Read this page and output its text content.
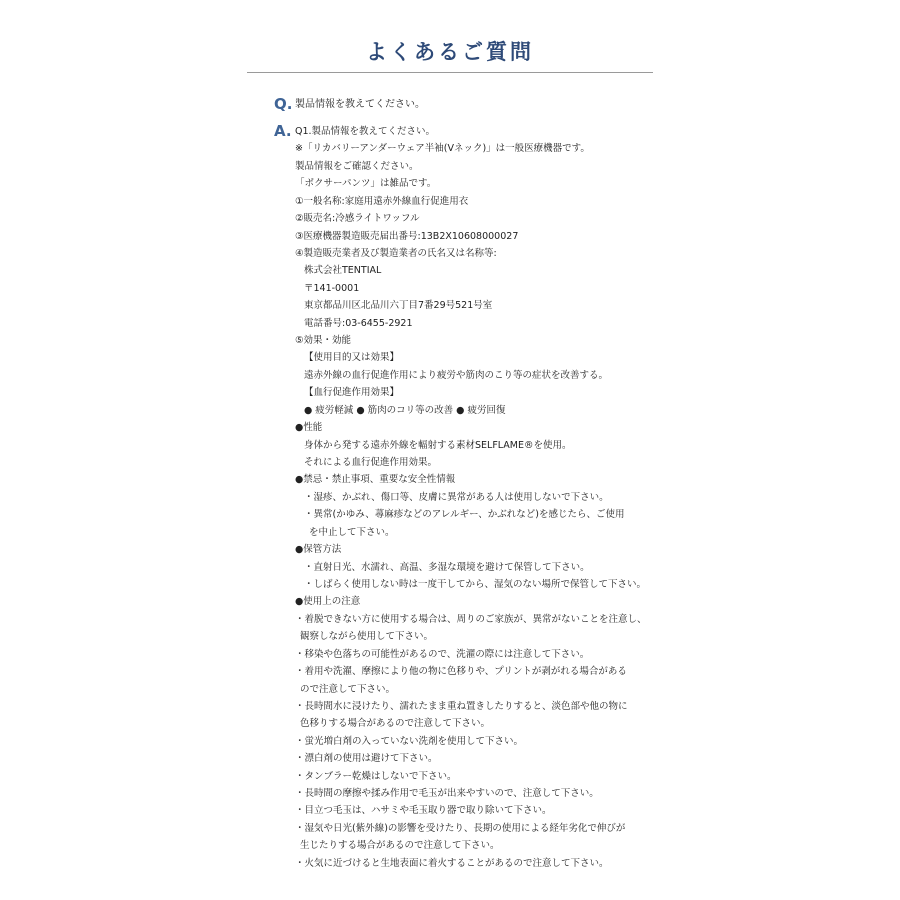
よくあるご質問
Q. 製品情報を教えてください。
A. Q1.製品情報を教えてください。
※「リカバリーアンダーウェア半袖(Vネック)」は一般医療機器です。
製品情報をご確認ください。
「ボクサーパンツ」は雑品です。
①一般名称:家庭用遠赤外線血行促進用衣
②販売名:冷感ライトワッフル
③医療機器製造販売届出番号:13B2X10608000027
④製造販売業者及び製造業者の氏名又は名称等:
株式会社TENTIAL
〒141-0001
東京都品川区北品川六丁目7番29号521号室
電話番号:03-6455-2921
⑤効果・効能
【使用目的又は効果】
遠赤外線の血行促進作用により疲労や筋肉のこり等の症状を改善する。
【血行促進作用効果】
● 疲労軽減 ● 筋肉のコリ等の改善 ● 疲労回復
●性能
身体から発する遠赤外線を輻射する素材SELFLAME®を使用。
それによる血行促進作用効果。
●禁忌・禁止事項、重要な安全性情報
・湿疹、かぶれ、傷口等、皮膚に異常がある人は使用しないで下さい。
・異常(かゆみ、蕁麻疹などのアレルギー、かぶれなど)を感じたら、ご使用
を中止して下さい。
●保管方法
・直射日光、水濡れ、高温、多湿な環境を避けて保管して下さい。
・しばらく使用しない時は一度干してから、湿気のない場所で保管して下さい。
●使用上の注意
・着脱できない方に使用する場合は、周りのご家族が、異常がないことを注意し、
観察しながら使用して下さい。
・移染や色落ちの可能性があるので、洗濯の際には注意して下さい。
・着用や洗濯、摩擦により他の物に色移りや、プリントが剥がれる場合がある
ので注意して下さい。
・長時間水に浸けたり、濡れたまま重ね置きしたりすると、淡色部や他の物に
色移りする場合があるので注意して下さい。
・蛍光増白剤の入っていない洗剤を使用して下さい。
・漂白剤の使用は避けて下さい。
・タンブラー乾燥はしないで下さい。
・長時間の摩擦や揉み作用で毛玉が出来やすいので、注意して下さい。
・目立つ毛玉は、ハサミや毛玉取り器で取り除いて下さい。
・湿気や日光(紫外線)の影響を受けたり、長期の使用による経年劣化で伸びが
生じたりする場合があるので注意して下さい。
・火気に近づけると生地表面に着火することがあるので注意して下さい。
